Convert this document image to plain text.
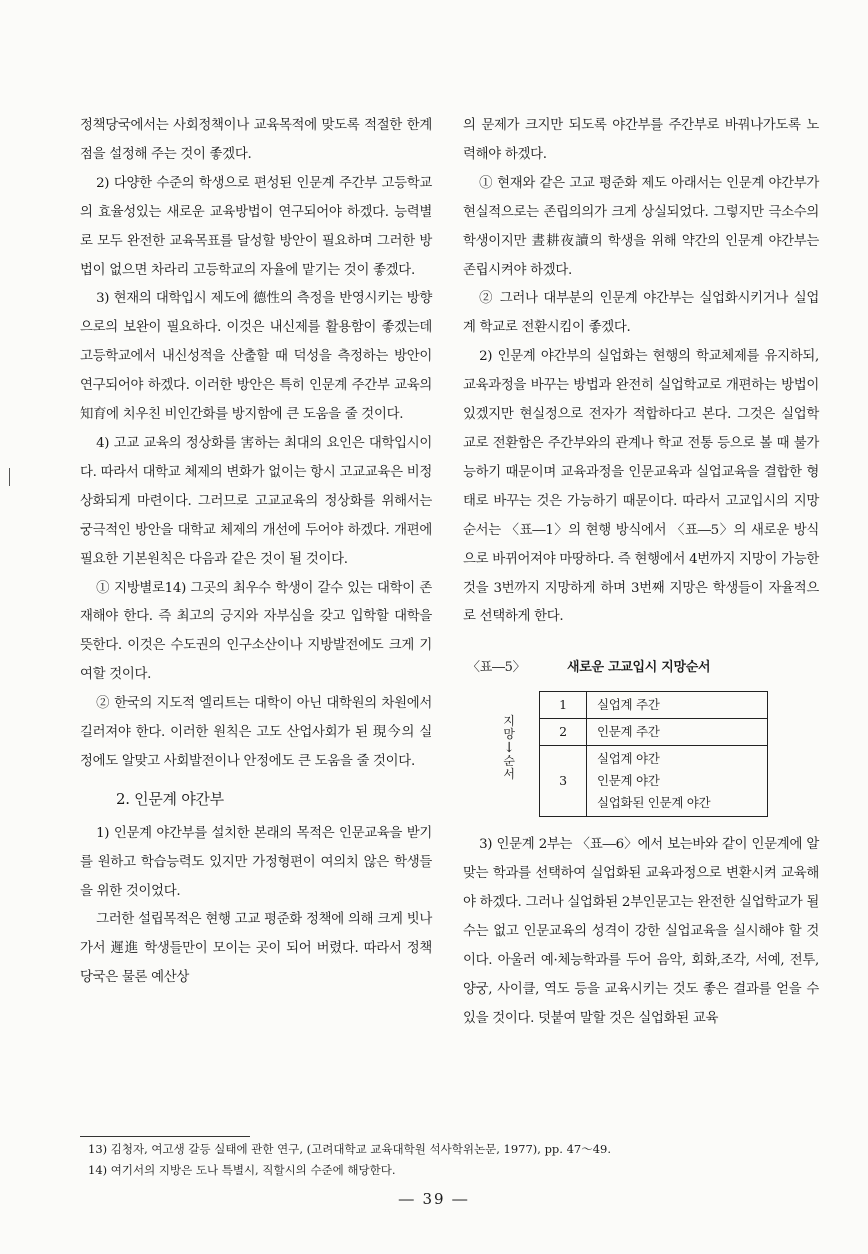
정책당국에서는 사회정책이나 교육목적에 맞도록 적절한 한계점을 설정해 주는 것이 좋겠다.

2) 다양한 수준의 학생으로 편성된 인문계 주간부 고등학교의 효율성있는 새로운 교육방법이 연구되어야 하겠다. 능력별로 모두 완전한 교육목표를 달성할 방안이 필요하며 그러한 방법이 없으면 차라리 고등학교의 자율에 맡기는 것이 좋겠다.

3) 현재의 대학입시 제도에 德性의 측정을 반영시키는 방향으로의 보완이 필요하다. 이것은 내신제를 활용함이 좋겠는데 고등학교에서 내신성적을 산출할 때 덕성을 측정하는 방안이 연구되어야 하겠다. 이러한 방안은 특히 인문계 주간부 교육의 知育에 치우친 비인간화를 방지함에 큰 도움을 줄 것이다.

4) 고교 교육의 정상화를 害하는 최대의 요인은 대학입시이다. 따라서 대학교 체제의 변화가 없이는 항시 고교교육은 비정상화되게 마련이다. 그러므로 고교교육의 정상화를 위해서는 궁극적인 방안을 대학교 체제의 개선에 두어야 하겠다. 개편에 필요한 기본원칙은 다음과 같은 것이 될 것이다.

① 지방별로14) 그곳의 최우수 학생이 갈수 있는 대학이 존재해야 한다. 즉 최고의 긍지와 자부심을 갖고 입학할 대학을 뜻한다. 이것은 수도권의 인구소산이나 지방발전에도 크게 기여할 것이다.

② 한국의 지도적 엘리트는 대학이 아닌 대학원의 차원에서 길러져야 한다. 이러한 원칙은 고도 산업사회가 된 現今의 실정에도 알맞고 사회발전이나 안정에도 큰 도움을 줄 것이다.

2. 인문계 야간부

1) 인문계 야간부를 설치한 본래의 목적은 인문교육을 받기를 원하고 학습능력도 있지만 가정형편이 여의치 않은 학생들을 위한 것이었다.

그러한 설립목적은 현행 고교 평준화 정책에 의해 크게 빗나가서 遲進 학생들만이 모이는 곳이 되어 버렸다. 따라서 정책당국은 물론 예산상

의 문제가 크지만 되도록 야간부를 주간부로 바꿔나가도록 노력해야 하겠다.

① 현재와 같은 고교 평준화 제도 아래서는 인문계 야간부가 현실적으로는 존립의의가 크게 상실되었다. 그렇지만 극소수의 학생이지만 晝耕夜讀의 학생을 위해 약간의 인문계 야간부는 존립시켜야 하겠다.

② 그러나 대부분의 인문계 야간부는 실업화시키거나 실업계 학교로 전환시킴이 좋겠다.

2) 인문계 야간부의 실업화는 현행의 학교체제를 유지하되, 교육과정을 바꾸는 방법과 완전히 실업학교로 개편하는 방법이 있겠지만 현실정으로 전자가 적합하다고 본다. 그것은 실업학교로 전환함은 주간부와의 관계나 학교 전통 등으로 볼 때 불가능하기 때문이며 교육과정을 인문교육과 실업교육을 결합한 형태로 바꾸는 것은 가능하기 때문이다. 따라서 고교입시의 지망순서는 〈표―1〉의 현행 방식에서 〈표―5〉의 새로운 방식으로 바뀌어져야 마땅하다. 즉 현행에서 4번까지 지망이 가능한 것을 3번까지 지망하게 하며 3번째 지망은 학생들이 자율적으로 선택하게 한다.

〈표―5〉	새로운 고교입시 지망순서
지
망
↓
순
서
1	실업계 주간

2	인문계 주간

3	실업계 야간
인문계 야간
실업화된 인문계 야간

3) 인문계 2부는 〈표―6〉에서 보는바와 같이 인문계에 알맞는 학과를 선택하여 실업화된 교육과정으로 변환시켜 교육해야 하겠다. 그러나 실업화된 2부인문고는 완전한 실업학교가 될수는 없고 인문교육의 성격이 강한 실업교육을 실시해야 할 것이다. 아울러 예·체능학과를 두어 음악, 회화,조각, 서예, 전투, 양궁, 사이클, 역도 등을 교육시키는 것도 좋은 결과를 얻을 수 있을 것이다. 덧붙여 말할 것은 실업화된 교육

13) 김청자, 여고생 갈등 실태에 관한 연구, (고려대학교 교육대학원 석사학위논문, 1977), pp. 47～49.
14) 여기서의 지방은 도나 특별시, 직할시의 수준에 해당한다.
― 39 ―
